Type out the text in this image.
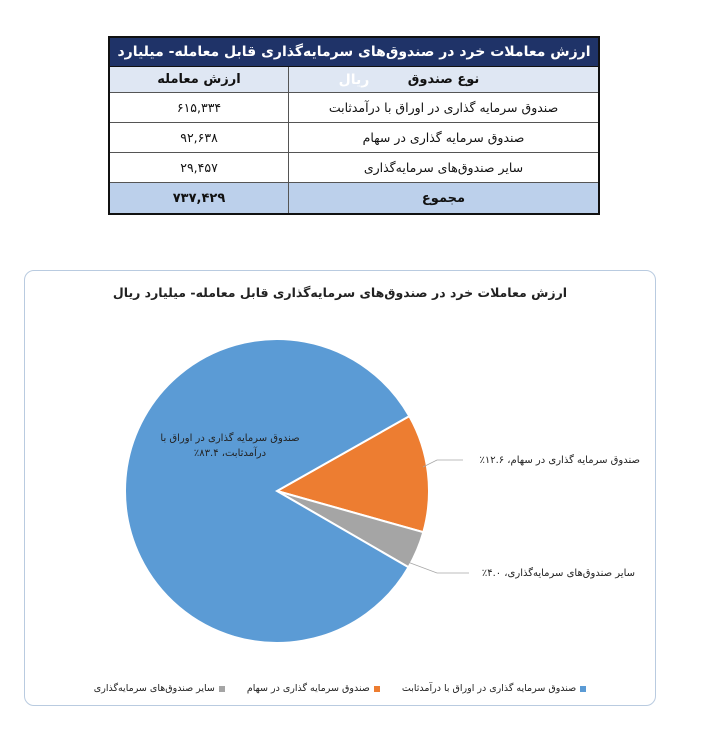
ارزش معاملات خرد در صندوق‌های سرمایه‌گذاری قابل معامله- میلیارد ریال	نوع صندوق
ارزش معامله
صندوق سرمایه گذاری در اوراق با درآمدثابت
۶۱۵,۳۳۴
صندوق سرمایه گذاری در سهام
۹۲,۶۳۸
سایر صندوق‌های سرمایه‌گذاری
۲۹,۴۵۷
مجموع
۷۳۷,۴۲۹
ارزش معاملات خرد در صندوق‌های سرمایه‌گذاری قابل معامله- میلیارد ریال
صندوق سرمایه گذاری در اوراق با درآمدثابت، ۸۳.۴٪
صندوق سرمایه گذاری در سهام، ۱۲.۶٪
سایر صندوق‌های سرمایه‌گذاری، ۴.۰٪
صندوق سرمایه گذاری در اوراق با درآمدثابت
صندوق سرمایه گذاری در سهام
سایر صندوق‌های سرمایه‌گذاری
